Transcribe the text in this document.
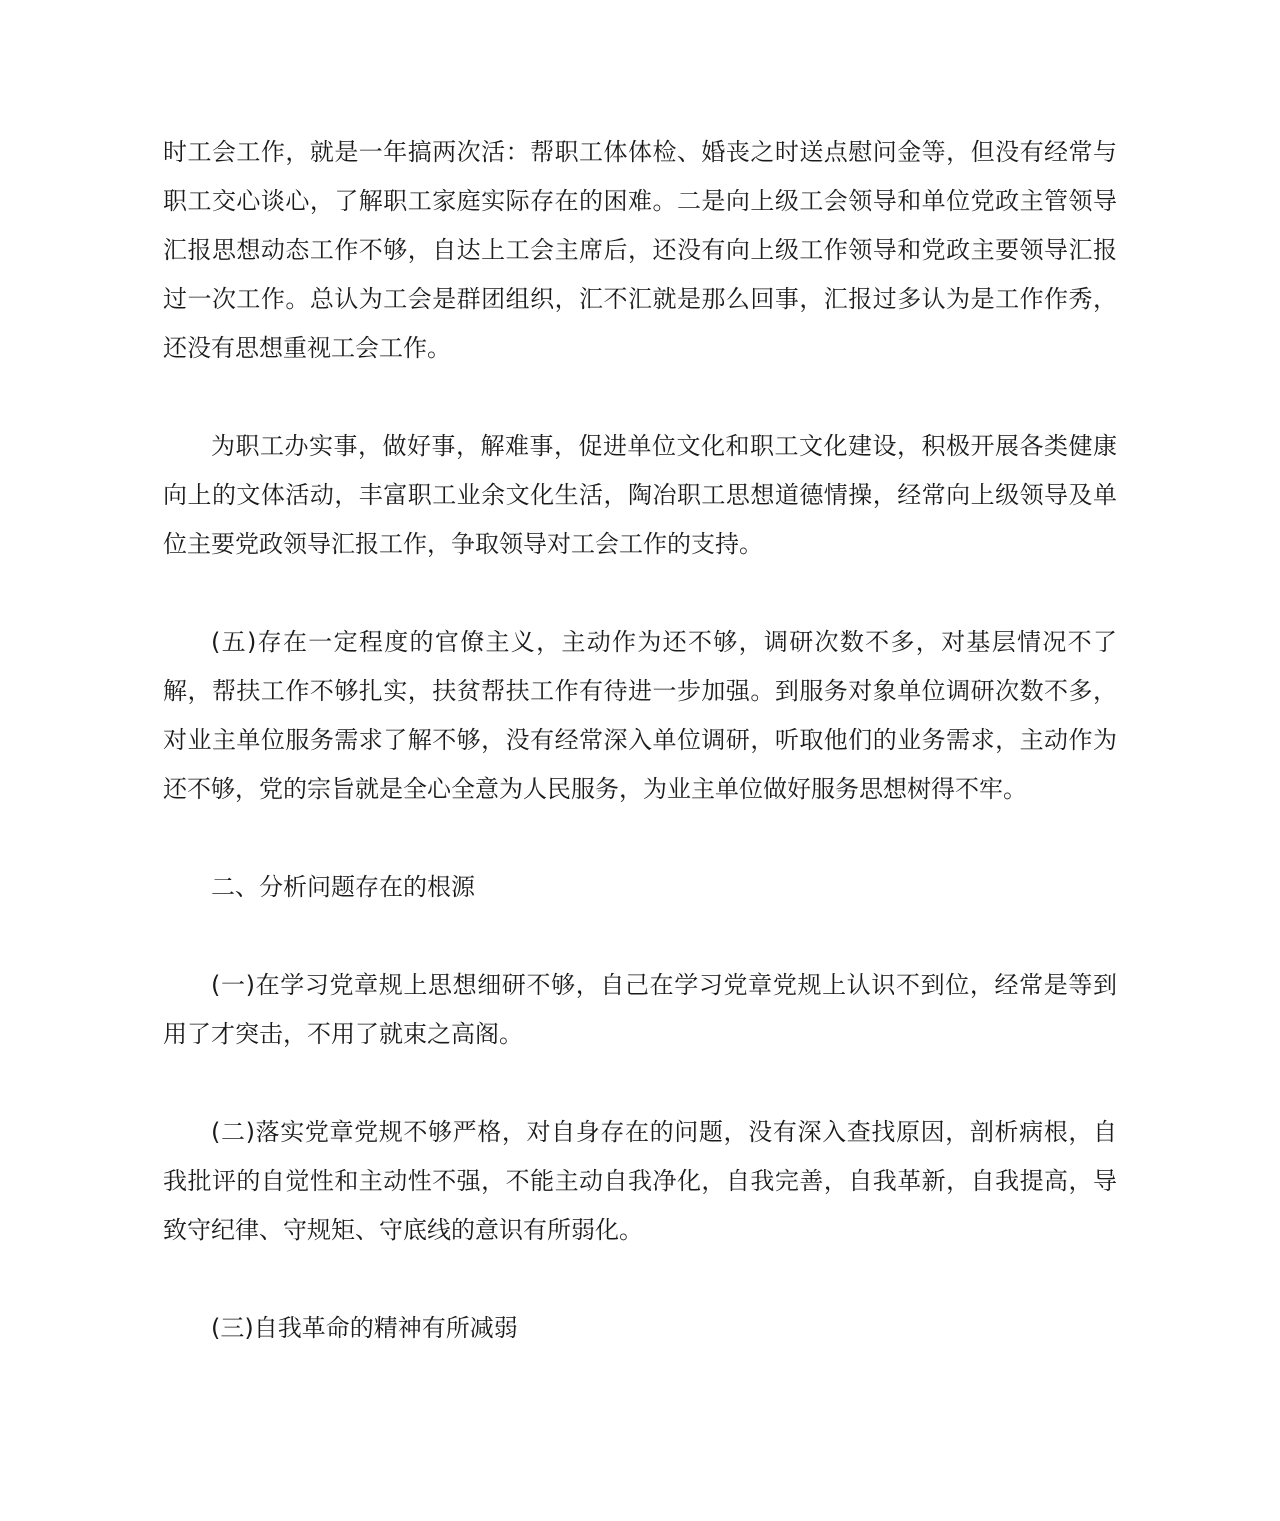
时工会工作，就是一年搞两次活：帮职工体体检、婚丧之时送点慰问金等，但没有经常与职工交心谈心，了解职工家庭实际存在的困难。二是向上级工会领导和单位党政主管领导汇报思想动态工作不够，自达上工会主席后，还没有向上级工作领导和党政主要领导汇报过一次工作。总认为工会是群团组织，汇不汇就是那么回事，汇报过多认为是工作作秀，还没有思想重视工会工作。

为职工办实事，做好事，解难事，促进单位文化和职工文化建设，积极开展各类健康向上的文体活动，丰富职工业余文化生活，陶冶职工思想道德情操，经常向上级领导及单位主要党政领导汇报工作，争取领导对工会工作的支持。

(五)存在一定程度的官僚主义，主动作为还不够，调研次数不多，对基层情况不了解，帮扶工作不够扎实，扶贫帮扶工作有待进一步加强。到服务对象单位调研次数不多，对业主单位服务需求了解不够，没有经常深入单位调研，听取他们的业务需求，主动作为还不够，党的宗旨就是全心全意为人民服务，为业主单位做好服务思想树得不牢。

二、分析问题存在的根源

(一)在学习党章规上思想细研不够，自己在学习党章党规上认识不到位，经常是等到用了才突击，不用了就束之高阁。

(二)落实党章党规不够严格，对自身存在的问题，没有深入查找原因，剖析病根，自我批评的自觉性和主动性不强，不能主动自我净化，自我完善，自我革新，自我提高，导致守纪律、守规矩、守底线的意识有所弱化。

(三)自我革命的精神有所减弱
